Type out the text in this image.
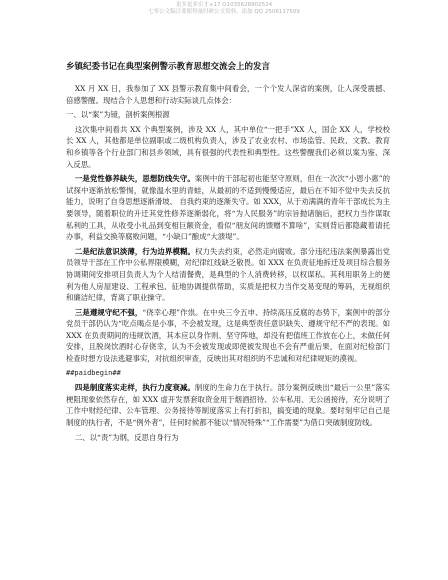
更多更多实才+17 Q1035628902524
七零公文稿目要眼得量时研公文资料，添加 QQ 2506117509
乡镇纪委书记在典型案例警示教育思想交流会上的发言

XX 月 XX 日，我参加了 XX 县警示教育集中间看会，一个个发人深省的案例，让人深受震撼、倍感警醒。现结合个人思想和行动实际谈几点体会：

一、以“案”为镜，剖析案例根源

这次集中间看共 XX 个典型案例，涉及 XX 人，其中单位“一把手”XX 人，国企 XX 人，学校校长 XX 人，其他都是单位副职或二级机构负责人，涉及了农业农村、市场监管、民政、文教、教育和乡镇等各个行业部门和县乡领域，具有很强的代表性和典型性。这些警醒我们必须以案为鉴、深入反思。

一是党性修养缺失，思想防线失守。案例中的干部起初也能坚守原则，但在一次次“小恩小惠”的试探中逐渐放松警惕，就像温水里的青蛙，从最初的不适到慢慢适应，最后在不知不觉中失去反抗能力，说明了自身思想逐渐滑坡、 自我约束的逐渐失守。如 XXX，从于劝满满的青年干部成长为主要领导，随着职位的升迁其党性修养逐渐弱化，将“为人民服务”的宗旨抛诸脑后，把权力当作谋取私利的工具，从收受小礼品到变相巨额资金，看似“朋友间的馈赠不算啥”，实则背后都隐藏着请托办事，利益交换等腐败问题，“小缺口”酿成“大溃堤”。

二是纪法意识淡薄，行为边界模糊。权力失去约束，必然走向腐败。部分违纪违法案例暴露出党员领导干部在工作中公私界限模糊，对纪律红线缺乏敬畏。如 XXX 在负责征地拆迁及项目综合服务协调期间安排项目负责人为个人结清餐费，是典型的个人消费转移，以权谋私。其利用职务上的便利为他人房屋建设、工程承包、征地协调提供帮助，实质是把权力当作交易变现的筹码，无视组织和廉洁纪律，背离了职业操守。

三是遵规守纪不强，“侥幸心理”作祟。在中央三令五申、持续高压反腐的态势下，案例中的部分党员干部仍认为“吃点喝点是小事，不会被发现，这是典型责任意识缺失、遵规守纪不严的表现。如 XXX 在负责期间的违规饮酒，其本应以身作则、坚守阵地，却没有把值班工作放在心上，未做任何安排，且脱岗饮酒时心存侥幸，认为不会被发现或即使被发现也不会有严重后果，在面对纪检部门检查时想方设法逃避事实，对抗组织审查，反映出其对组织的不忠诚和对纪律规矩的漠视。

##paidbegin##

四是制度落实走样，执行力度衰减。制度的生命力在于执行。部分案例反映出“最后一公里”落实梗阻现象依然存在，如 XXX 虚开发票套取资金用于烟酒招待、公车私用、无公函接待，充分说明了工作中财经纪律、公车管理、公务接待等制度落实上有打折扣，搞变通的现象。要时刻牢记自己是制度的执行者，不是“例外者”，任何时候都不能以“情况特殊”“工作需要”为借口突破制度防线。

二、以“责”为纲，反思自身行为
